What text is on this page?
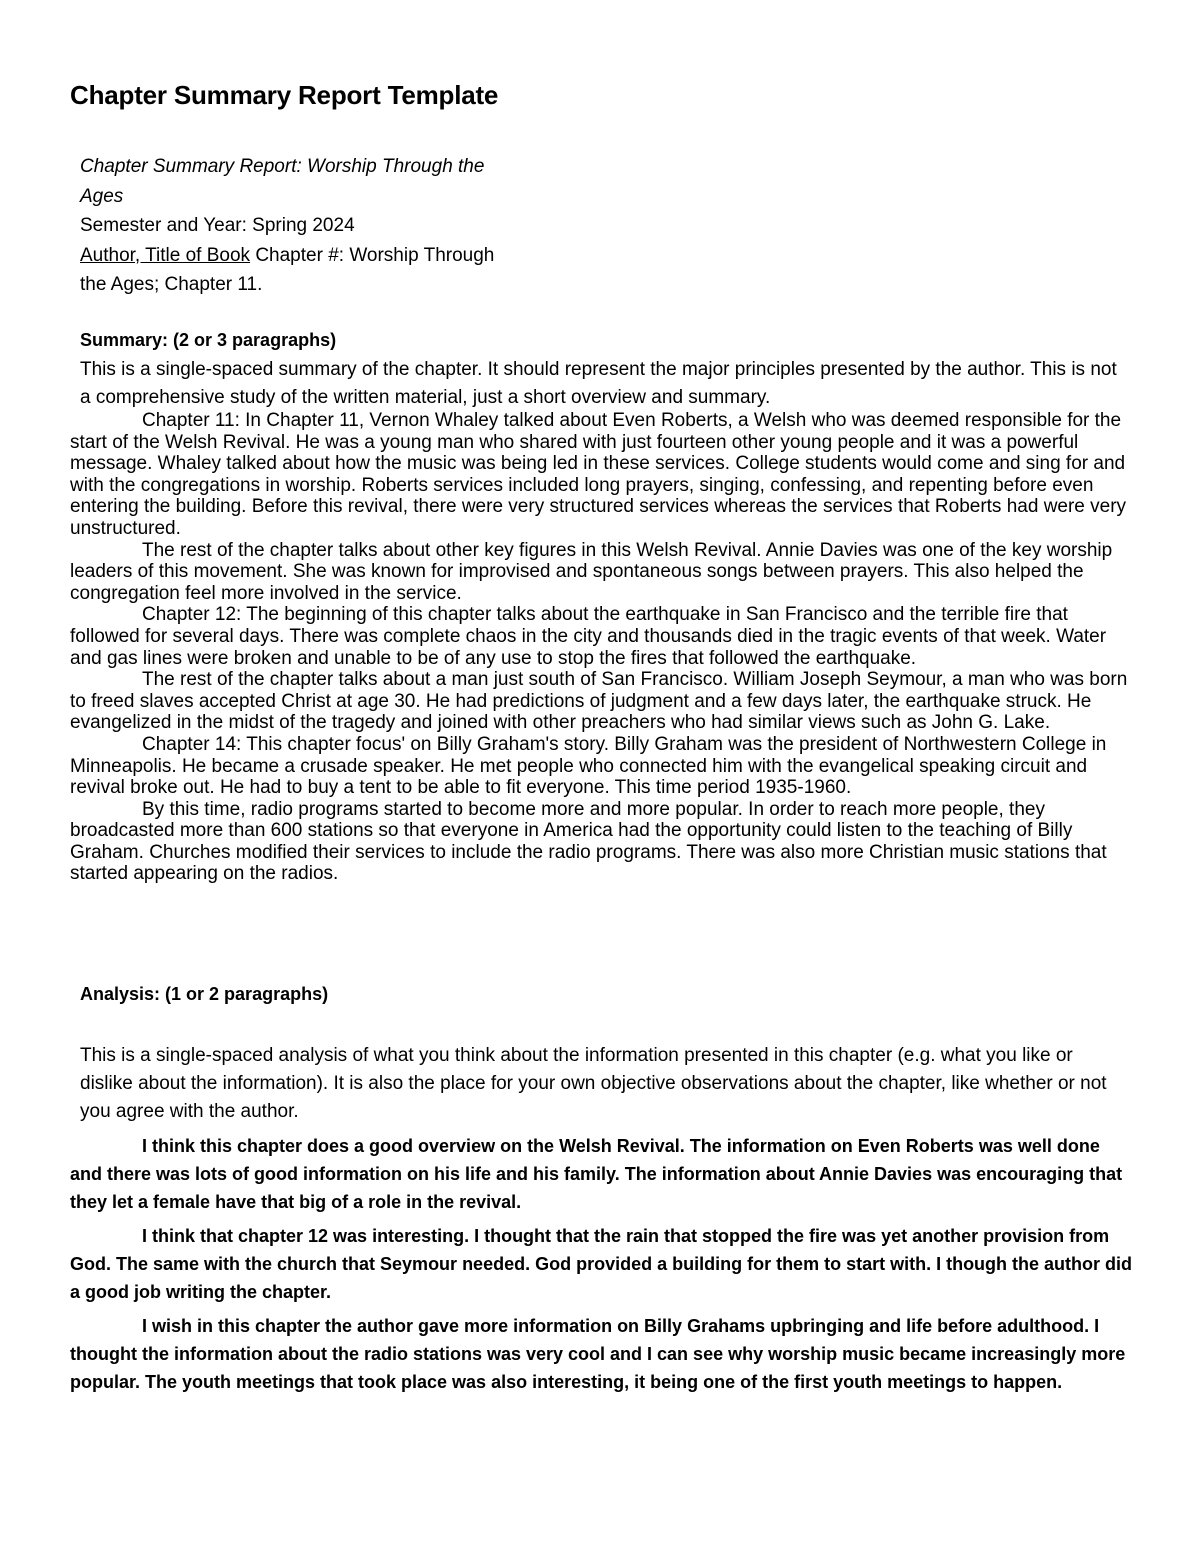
Chapter Summary Report Template
Chapter Summary Report: Worship Through the Ages
Semester and Year: Spring 2024
Author, Title of Book Chapter #: Worship Through the Ages; Chapter 11.
Summary: (2 or 3 paragraphs)
This is a single-spaced summary of the chapter. It should represent the major principles presented by the author. This is not a comprehensive study of the written material, just a short overview and summary.

Chapter 11: In Chapter 11, Vernon Whaley talked about Even Roberts, a Welsh who was deemed responsible for the start of the Welsh Revival. He was a young man who shared with just fourteen other young people and it was a powerful message. Whaley talked about how the music was being led in these services. College students would come and sing for and with the congregations in worship. Roberts services included long prayers, singing, confessing, and repenting before even entering the building. Before this revival, there were very structured services whereas the services that Roberts had were very unstructured.

The rest of the chapter talks about other key figures in this Welsh Revival. Annie Davies was one of the key worship leaders of this movement. She was known for improvised and spontaneous songs between prayers. This also helped the congregation feel more involved in the service.

Chapter 12: The beginning of this chapter talks about the earthquake in San Francisco and the terrible fire that followed for several days. There was complete chaos in the city and thousands died in the tragic events of that week. Water and gas lines were broken and unable to be of any use to stop the fires that followed the earthquake.

The rest of the chapter talks about a man just south of San Francisco. William Joseph Seymour, a man who was born to freed slaves accepted Christ at age 30. He had predictions of judgment and a few days later, the earthquake struck. He evangelized in the midst of the tragedy and joined with other preachers who had similar views such as John G. Lake.

Chapter 14: This chapter focus' on Billy Graham's story. Billy Graham was the president of Northwestern College in Minneapolis. He became a crusade speaker. He met people who connected him with the evangelical speaking circuit and revival broke out. He had to buy a tent to be able to fit everyone. This time period 1935-1960.

By this time, radio programs started to become more and more popular. In order to reach more people, they broadcasted more than 600 stations so that everyone in America had the opportunity could listen to the teaching of Billy Graham. Churches modified their services to include the radio programs. There was also more Christian music stations that started appearing on the radios.

Analysis: (1 or 2 paragraphs)
This is a single-spaced analysis of what you think about the information presented in this chapter (e.g. what you like or dislike about the information). It is also the place for your own objective observations about the chapter, like whether or not you agree with the author.

I think this chapter does a good overview on the Welsh Revival. The information on Even Roberts was well done and there was lots of good information on his life and his family. The information about Annie Davies was encouraging that they let a female have that big of a role in the revival.

I think that chapter 12 was interesting. I thought that the rain that stopped the fire was yet another provision from God. The same with the church that Seymour needed. God provided a building for them to start with. I though the author did a good job writing the chapter.

I wish in this chapter the author gave more information on Billy Grahams upbringing and life before adulthood. I thought the information about the radio stations was very cool and I can see why worship music became increasingly more popular. The youth meetings that took place was also interesting, it being one of the first youth meetings to happen.
